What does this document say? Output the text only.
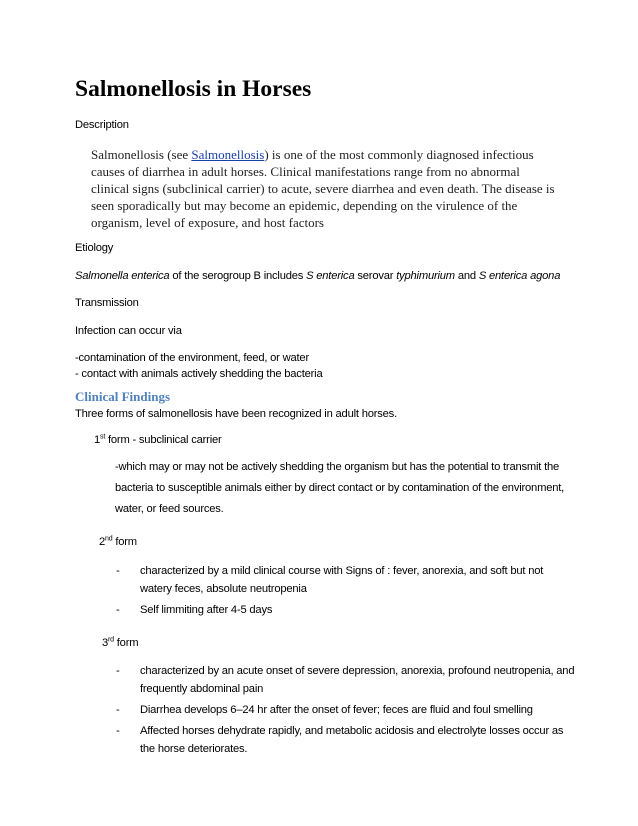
Salmonellosis in Horses
Description
Salmonellosis (see Salmonellosis) is one of the most commonly diagnosed infectious causes of diarrhea in adult horses. Clinical manifestations range from no abnormal clinical signs (subclinical carrier) to acute, severe diarrhea and even death. The disease is seen sporadically but may become an epidemic, depending on the virulence of the organism, level of exposure, and host factors
Etiology
Salmonella enterica of the serogroup B includes S enterica serovar typhimurium and S enterica agona
Transmission
Infection can occur via
-contamination of the environment, feed, or water
- contact with animals actively shedding the bacteria
Clinical Findings
Three forms of salmonellosis have been recognized in adult horses.
1st form - subclinical carrier
-which may or may not be actively shedding the organism but has the potential to transmit the bacteria to susceptible animals either by direct contact or by contamination of the environment, water, or feed sources.
2nd form
- characterized by a mild clinical course with Signs of : fever, anorexia, and soft but not watery feces, absolute neutropenia
- Self limmiting after 4-5 days
3rd form
- characterized by an acute onset of severe depression, anorexia, profound neutropenia, and frequently abdominal pain
- Diarrhea develops 6–24 hr after the onset of fever; feces are fluid and foul smelling
- Affected horses dehydrate rapidly, and metabolic acidosis and electrolyte losses occur as the horse deteriorates.
